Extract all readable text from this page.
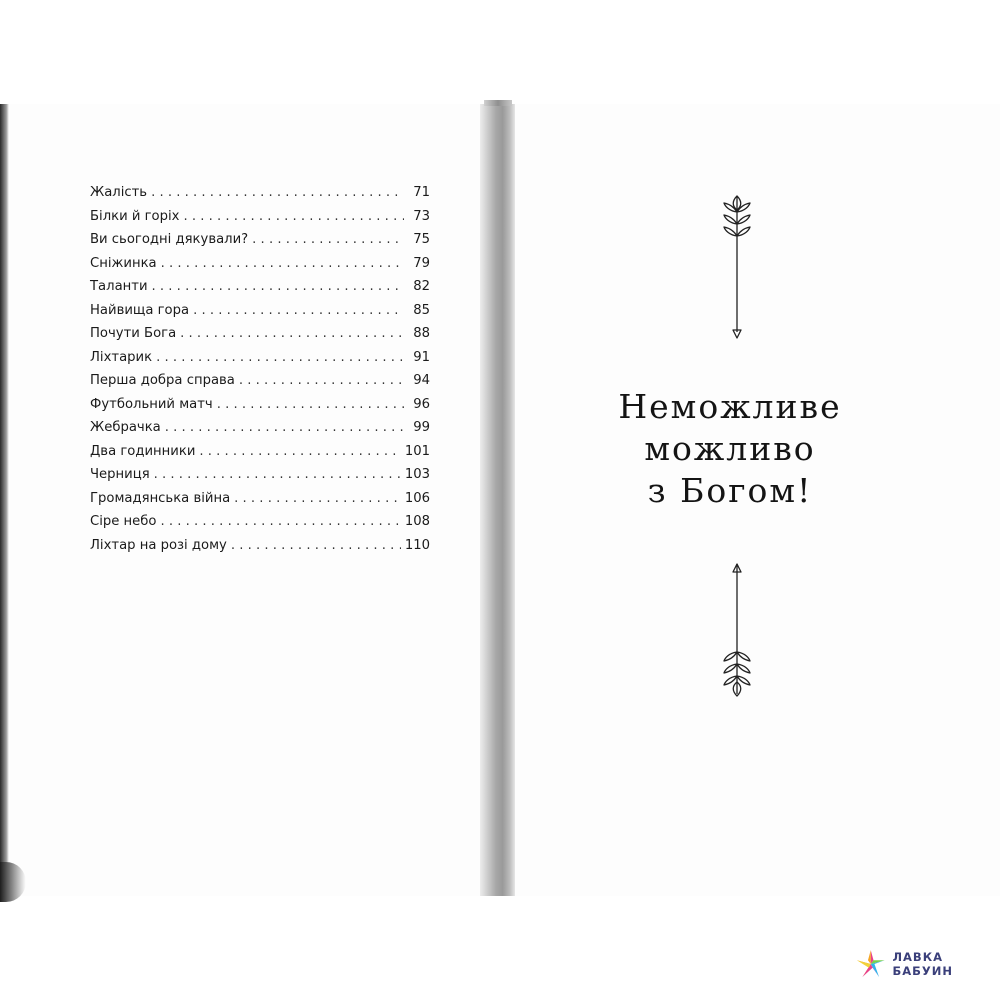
Жалість . . .	71
Білки й горіх . . .	73
Ви сьогодні дякували? . . .	75
Сніжинка . . .	79
Таланти . . .	82
Найвища гора . . .	85
Почути Бога . . .	88
Ліхтарик . . .	91
Перша добра справа . . .	94
Футбольний матч . . .	96
Жебрачка . . .	99
Два годинники . . .	101
Черниця . . .	103
Громадянська війна . . .	106
Сіре небо . . .	108
Ліхтар на розі дому . . .	110
Неможливе
можливо
з Богом!
ЛАВКА БАБУИН
